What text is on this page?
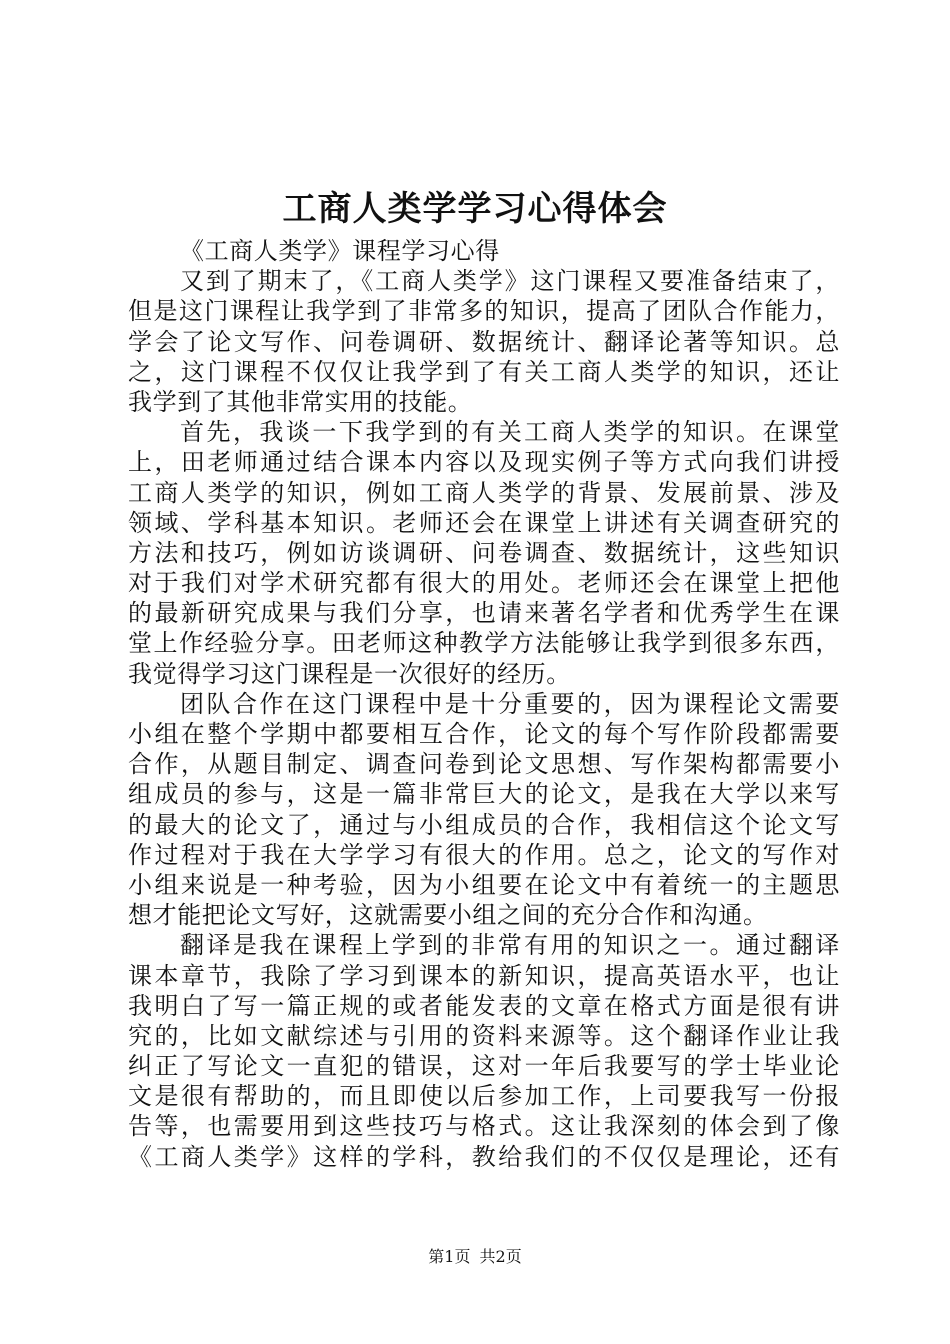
工商人类学学习心得体会
《工商人类学》课程学习心得
又到了期末了，《工商人类学》这门课程又要准备结束了，
但是这门课程让我学到了非常多的知识，提高了团队合作能力，
学会了论文写作、问卷调研、数据统计、翻译论著等知识。总
之，这门课程不仅仅让我学到了有关工商人类学的知识，还让
我学到了其他非常实用的技能。
首先，我谈一下我学到的有关工商人类学的知识。在课堂
上，田老师通过结合课本内容以及现实例子等方式向我们讲授
工商人类学的知识，例如工商人类学的背景、发展前景、涉及
领域、学科基本知识。老师还会在课堂上讲述有关调查研究的
方法和技巧，例如访谈调研、问卷调查、数据统计，这些知识
对于我们对学术研究都有很大的用处。老师还会在课堂上把他
的最新研究成果与我们分享，也请来著名学者和优秀学生在课
堂上作经验分享。田老师这种教学方法能够让我学到很多东西，
我觉得学习这门课程是一次很好的经历。
团队合作在这门课程中是十分重要的，因为课程论文需要
小组在整个学期中都要相互合作，论文的每个写作阶段都需要
合作，从题目制定、调查问卷到论文思想、写作架构都需要小
组成员的参与，这是一篇非常巨大的论文，是我在大学以来写
的最大的论文了，通过与小组成员的合作，我相信这个论文写
作过程对于我在大学学习有很大的作用。总之，论文的写作对
小组来说是一种考验，因为小组要在论文中有着统一的主题思
想才能把论文写好，这就需要小组之间的充分合作和沟通。
翻译是我在课程上学到的非常有用的知识之一。通过翻译
课本章节，我除了学习到课本的新知识，提高英语水平，也让
我明白了写一篇正规的或者能发表的文章在格式方面是很有讲
究的，比如文献综述与引用的资料来源等。这个翻译作业让我
纠正了写论文一直犯的错误，这对一年后我要写的学士毕业论
文是很有帮助的，而且即使以后参加工作，上司要我写一份报
告等，也需要用到这些技巧与格式。这让我深刻的体会到了像
《工商人类学》这样的学科，教给我们的不仅仅是理论，还有
第1页 共2页
